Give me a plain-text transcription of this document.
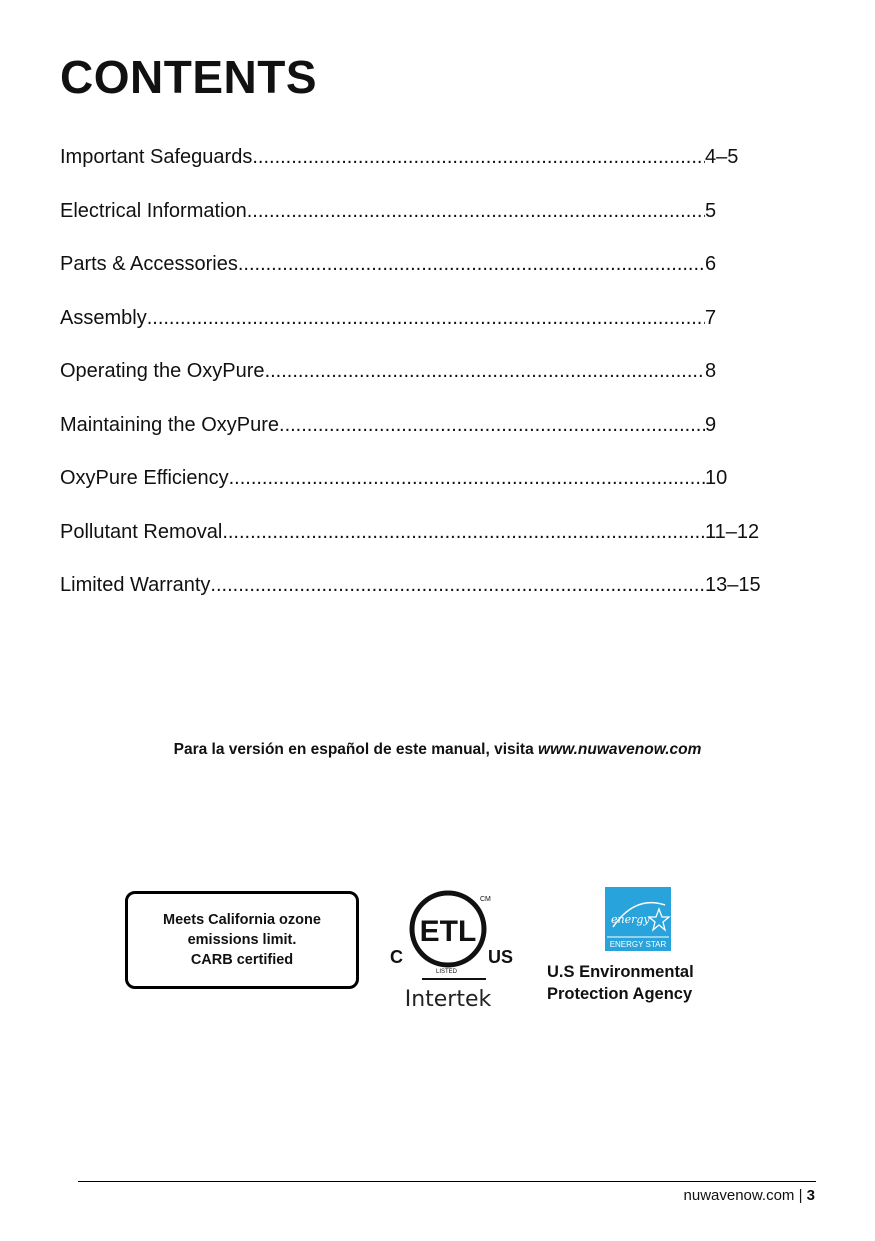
CONTENTS
Important Safeguards .....	4–5
Electrical Information .....	5
Parts & Accessories .....	6
Assembly .....	7
Operating the OxyPure .....	8
Maintaining the OxyPure .....	9
OxyPure Efficiency .....	10
Pollutant Removal .....	11–12
Limited Warranty .....	13–15
Para la versión en español de este manual, visita www.nuwavenow.com
Meets California ozone
emissions limit.
CARB certified
ETL
CM
LISTED
C	US
Intertek
energy
ENERGY STAR
U.S Environmental
Protection Agency
nuwavenow.com | 3
